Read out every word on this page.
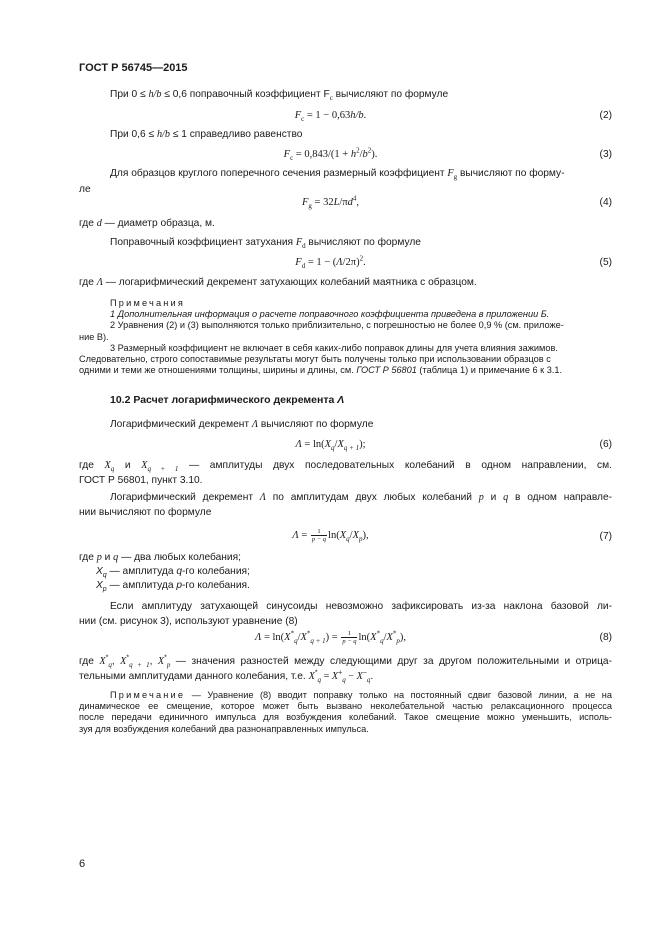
ГОСТ Р 56745—2015
При 0 ≤ h/b ≤ 0,6 поправочный коэффициент $F_c$ вычисляют по формуле
$F_c = 1 - 0,63h/b$.	(2)
При 0,6 ≤ h/b ≤ 1 справедливо равенство
$F_c = 0,843/(1 + h^2/b^2)$.	(3)
Для образцов круглого поперечного сечения размерный коэффициент $F_g$ вычисляют по форму-
ле
$F_g = 32L/\pi d^4$,	(4)
где d — диаметр образца, м.
Поправочный коэффициент затухания $F_d$ вычисляют по формуле
$F_d = 1 - (\Lambda/2\pi)^2$.	(5)
где Λ — логарифмический декремент затухающих колебаний маятника с образцом.
Примечания
1 Дополнительная информация о расчете поправочного коэффициента приведена в приложении Б.
2 Уравнения (2) и (3) выполняются только приблизительно, с погрешностью не более 0,9 % (см. приложе-
ние В).
3 Размерный коэффициент не включает в себя каких-либо поправок длины для учета влияния зажимов.
Следовательно, строго сопоставимые результаты могут быть получены только при использовании образцов с
одними и теми же отношениями толщины, ширины и длины, см. ГОСТ Р 56801 (таблица 1) и примечание 6 к 3.1.
10.2 Расчет логарифмического декремента Λ
Логарифмический декремент Λ вычисляют по формуле
$\Lambda = \ln(X_q/X_{q + 1})$;	(6)
где $X_q$ и $X_{q + 1}$ — амплитуды двух последовательных колебаний в одном направлении, см.
ГОСТ Р 56801, пункт 3.10.
Логарифмический декремент Λ по амплитудам двух любых колебаний p и q в одном направле-
нии вычисляют по формуле
$\Lambda = \frac{1}{p - q} \ln(X_q/X_p)$,	(7)
где p и q — два любых колебания;
$X_q$ — амплитуда q-го колебания;
$X_p$ — амплитуда p-го колебания.
Если амплитуду затухающей синусоиды невозможно зафиксировать из-за наклона базовой ли-
нии (см. рисунок 3), используют уравнение (8)
$\Lambda = \ln(X^*_q/X^*_{q + 1}) = \frac{1}{p - q} \ln(X^*_q/X^*_p)$,	(8)
где $X^*_q$, $X^*_{q + 1}$, $X^*_p$ — значения разностей между следующими друг за другом положительными и отрица-
тельными амплитудами данного колебания, т.е. $X^*_q = X^+_q - X^-_q$.
Примечание — Уравнение (8) вводит поправку только на постоянный сдвиг базовой линии, а не на
динамическое ее смещение, которое может быть вызвано неколебательной частью релаксационного процесса
после передачи единичного импульса для возбуждения колебаний. Такое смещение можно уменьшить, исполь-
зуя для возбуждения колебаний два разнонаправленных импульса.
6
